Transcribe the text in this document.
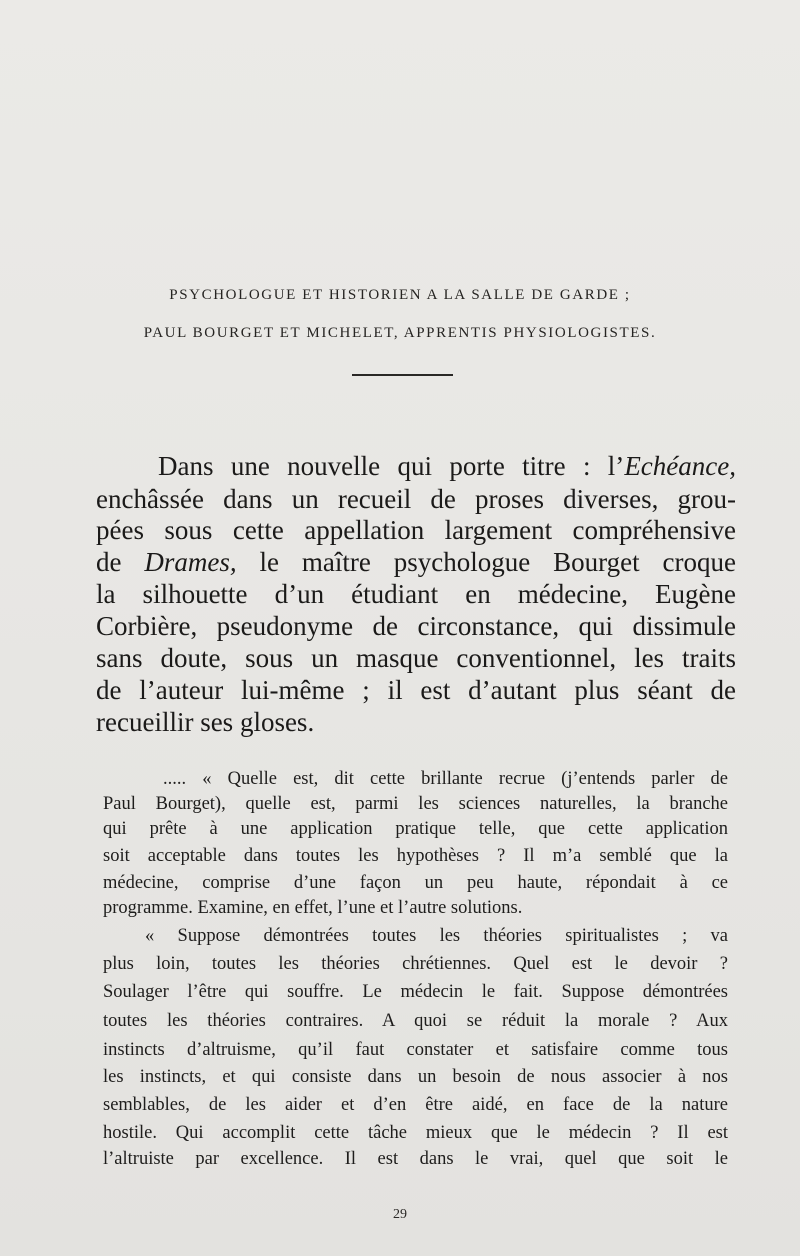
PSYCHOLOGUE ET HISTORIEN A LA SALLE DE GARDE ;
PAUL BOURGET ET MICHELET, APPRENTIS PHYSIOLOGISTES.
Dans une nouvelle qui porte titre : l’Echéance,
enchâssée dans un recueil de proses diverses, grou-
pées sous cette appellation largement compréhensive
de Drames, le maître psychologue Bourget croque
la silhouette d’un étudiant en médecine, Eugène
Corbière, pseudonyme de circonstance, qui dissimule
sans doute, sous un masque conventionnel, les traits
de l’auteur lui-même ; il est d’autant plus séant de
recueillir ses gloses.
..... « Quelle est, dit cette brillante recrue (j’entends parler de
Paul Bourget), quelle est, parmi les sciences naturelles, la branche
qui prête à une application pratique telle, que cette application
soit acceptable dans toutes les hypothèses ? Il m’a semblé que la
médecine, comprise d’une façon un peu haute, répondait à ce
programme. Examine, en effet, l’une et l’autre solutions.
« Suppose démontrées toutes les théories spiritualistes ; va
plus loin, toutes les théories chrétiennes. Quel est le devoir ?
Soulager l’être qui souffre. Le médecin le fait. Suppose démontrées
toutes les théories contraires. A quoi se réduit la morale ? Aux
instincts d’altruisme, qu’il faut constater et satisfaire comme tous
les instincts, et qui consiste dans un besoin de nous associer à nos
semblables, de les aider et d’en être aidé, en face de la nature
hostile. Qui accomplit cette tâche mieux que le médecin ? Il est
l’altruiste par excellence. Il est dans le vrai, quel que soit le
29
